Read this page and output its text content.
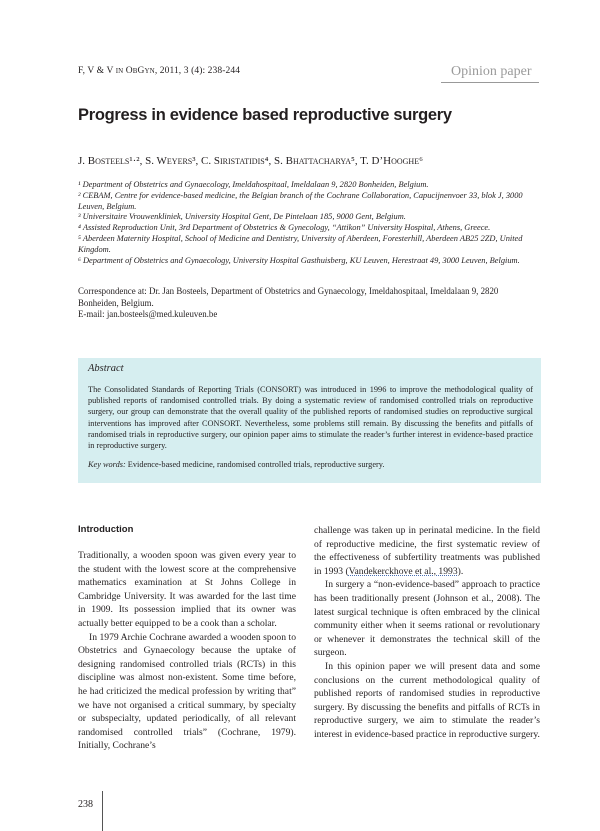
F, V & V in ObGyn, 2011, 3 (4): 238-244	Opinion paper
Progress in evidence based reproductive surgery
J. Bosteels¹·², S. Weyers³, C. Siristatidis⁴, S. Bhattacharya⁵, T. D’Hooghe⁶

¹ Department of Obstetrics and Gynaecology, Imeldahospitaal, Imeldalaan 9, 2820 Bonheiden, Belgium.

² CEBAM, Centre for evidence-based medicine, the Belgian branch of the Cochrane Collaboration, Capucijnenvoer 33, blok J, 3000 Leuven, Belgium.

³ Universitaire Vrouwenkliniek, University Hospital Gent, De Pintelaan 185, 9000 Gent, Belgium.

⁴ Assisted Reproduction Unit, 3rd Department of Obstetrics & Gynecology, “Attikon” University Hospital, Athens, Greece.

⁵ Aberdeen Maternity Hospital, School of Medicine and Dentistry, University of Aberdeen, Foresterhill, Aberdeen AB25 2ZD, United Kingdom.

⁶ Department of Obstetrics and Gynaecology, University Hospital Gasthuisberg, KU Leuven, Herestraat 49, 3000 Leuven, Belgium.

Correspondence at: Dr. Jan Bosteels, Department of Obstetrics and Gynaecology, Imeldahospitaal, Imeldalaan 9, 2820 Bonheiden, Belgium.
E-mail: jan.bosteels@med.kuleuven.be
Abstract
The Consolidated Standards of Reporting Trials (CONSORT) was introduced in 1996 to improve the methodological quality of published reports of randomised controlled trials. By doing a systematic review of randomised controlled trials on reproductive surgery, our group can demonstrate that the overall quality of the published reports of randomised studies on reproductive surgical interventions has improved after CONSORT. Nevertheless, some problems still remain. By discussing the benefits and pitfalls of randomised trials in reproductive surgery, our opinion paper aims to stimulate the reader’s further interest in evidence-based practice in reproductive surgery.
Key words: Evidence-based medicine, randomised controlled trials, reproductive surgery.
Introduction

Traditionally, a wooden spoon was given every year to the student with the lowest score at the comprehensive mathematics examination at St Johns College in Cambridge University. It was awarded for the last time in 1909. Its possession implied that its owner was actually better equipped to be a cook than a scholar.

In 1979 Archie Cochrane awarded a wooden spoon to Obstetrics and Gynaecology because the uptake of designing randomised controlled trials (RCTs) in this discipline was almost non-existent. Some time before, he had criticized the medical profession by writing that” we have not organised a critical summary, by specialty or subspecialty, updated periodically, of all relevant randomised controlled trials” (Cochrane, 1979). Initially, Cochrane’s

challenge was taken up in perinatal medicine. In the field of reproductive medicine, the first systematic review of the effectiveness of subfertility treatments was published in 1993 (Vandekerckhove et al., 1993).

In surgery a “non-evidence-based” approach to practice has been traditionally present (Johnson et al., 2008). The latest surgical technique is often embraced by the clinical community either when it seems rational or revolutionary or whenever it demonstrates the technical skill of the surgeon.

In this opinion paper we will present data and some conclusions on the current methodological quality of published reports of randomised studies in reproductive surgery. By discussing the benefits and pitfalls of RCTs in reproductive surgery, we aim to stimulate the reader’s interest in evidence-based practice in reproductive surgery.

238
